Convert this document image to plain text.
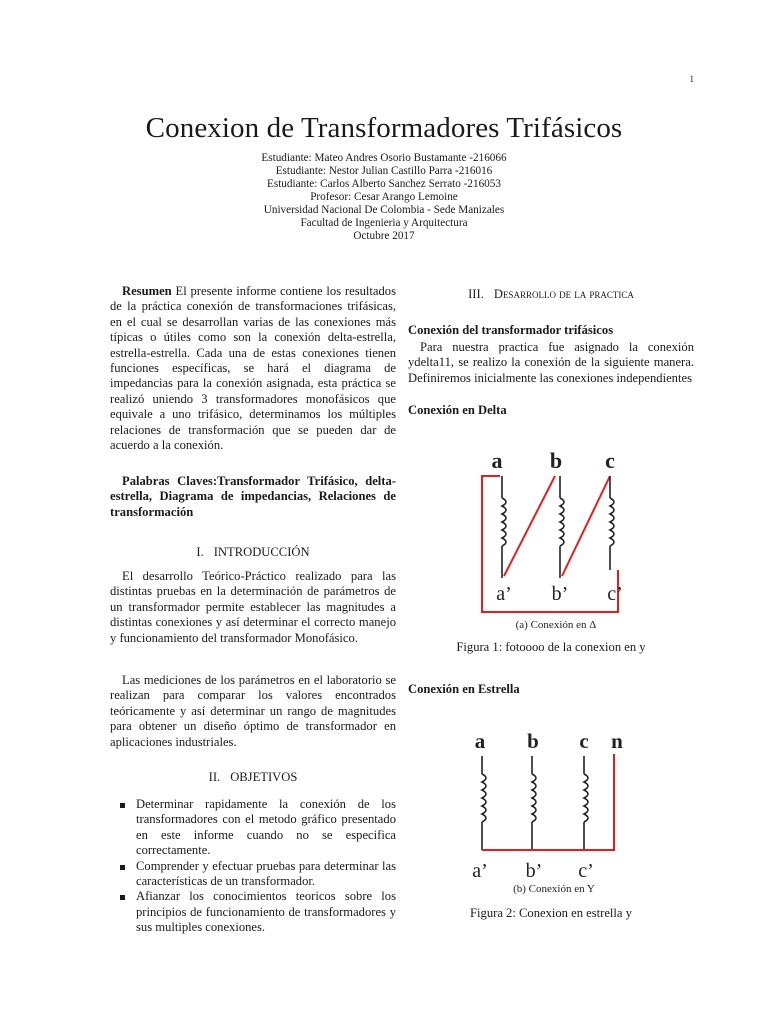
1
Conexion de Transformadores Trifásicos
Estudiante: Mateo Andres Osorio Bustamante -216066
Estudiante: Nestor Julian Castillo Parra -216016
Estudiante: Carlos Alberto Sanchez Serrato -216053
Profesor: Cesar Arango Lemoine
Universidad Nacional De Colombia - Sede Manizales
Facultad de Ingenieria y Arquitectura
Octubre 2017
Resumen El presente informe contiene los resultados de la práctica conexión de transformaciones trifásicas, en el cual se desarrollan varias de las conexiones más típicas o útiles como son la conexión delta-estrella, estrella-estrella. Cada una de estas conexiones tienen funciones específicas, se hará el diagrama de impedancias para la conexión asignada, esta práctica se realizó uniendo 3 transformadores monofásicos que equivale a uno trifásico, determinamos los múltiples relaciones de transformación que se pueden dar de acuerdo a la conexión.
Palabras Claves:Transformador Trifásico, delta-estrella, Diagrama de impedancias, Relaciones de transformación
I. INTRODUCCIÓN
El desarrollo Teórico-Práctico realizado para las distintas pruebas en la determinación de parámetros de un transformador permite establecer las magnitudes a distintas conexiones y así determinar el correcto manejo y funcionamiento del transformador Monofásico.
Las mediciones de los parámetros en el laboratorio se realizan para comparar los valores encontrados teóricamente y así determinar un rango de magnitudes para obtener un diseño óptimo de transformador en aplicaciones industriales.
II. OBJETIVOS
Determinar rapidamente la conexión de los transformadores con el metodo gráfico presentado en este informe cuando no se especifica correctamente.
Comprender y efectuar pruebas para determinar las características de un transformador.
Afianzar los conocimientos teoricos sobre los principios de funcionamiento de transformadores y sus multiples conexiones.
III. Desarrollo de la practica
Conexión del transformador trifásicos
Para nuestra practica fue asignado la conexión ydelta11, se realizo la conexión de la siguiente manera. Definiremos inicialmente las conexiones independientes
Conexión en Delta
a b c
a’ b’ c’
(a) Conexión en Δ
Figura 1: fotoooo de la conexion en y
Conexión en Estrella
a b c n
a’ b’ c’
(b) Conexión en Y
Figura 2: Conexion en estrella y
